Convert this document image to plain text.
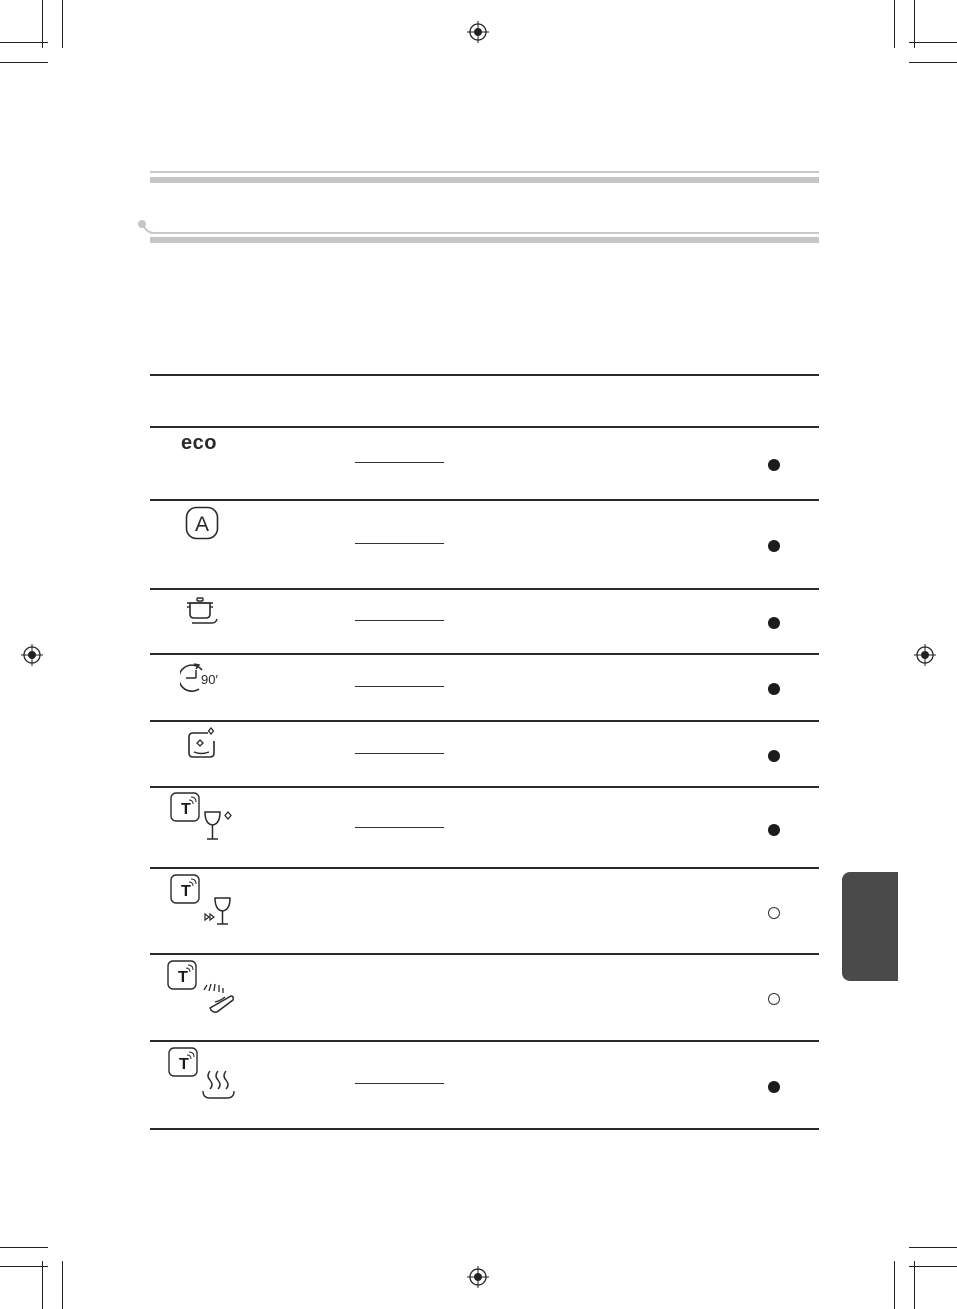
eco
A
90′
T
T
T
T
